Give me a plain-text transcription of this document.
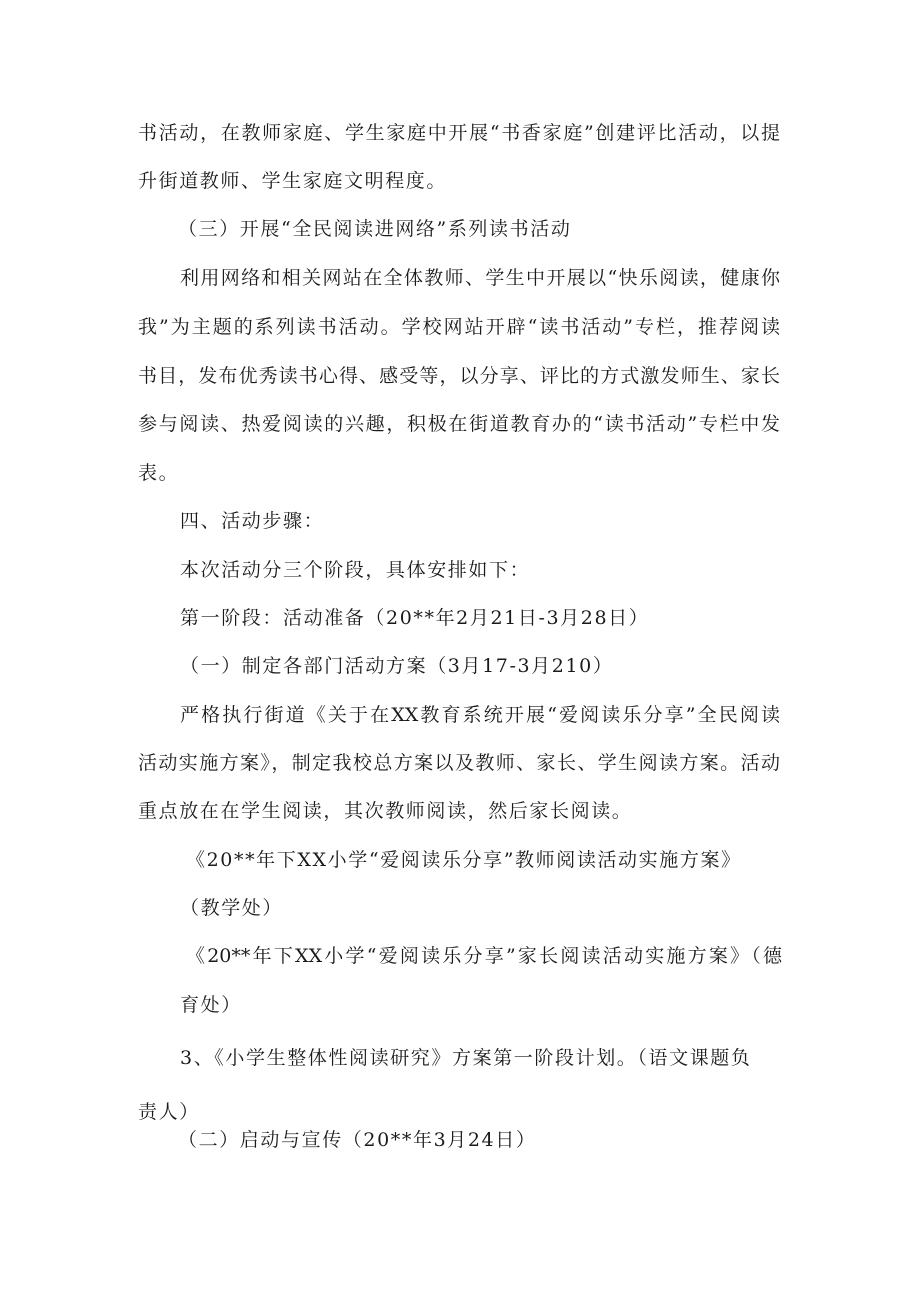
书活动，在教师家庭、学生家庭中开展“书香家庭”创建评比活动，以提
升街道教师、学生家庭文明程度。
（三）开展“全民阅读进网络”系列读书活动
利用网络和相关网站在全体教师、学生中开展以“快乐阅读，健康你
我”为主题的系列读书活动。学校网站开辟“读书活动”专栏，推荐阅读
书目，发布优秀读书心得、感受等，以分享、评比的方式激发师生、家长
参与阅读、热爱阅读的兴趣，积极在街道教育办的“读书活动”专栏中发
表。
四、活动步骤：
本次活动分三个阶段，具体安排如下：
第一阶段：活动准备（20**年2月21日-3月28日）
（一）制定各部门活动方案（3月17-3月210）
严格执行街道《关于在XX教育系统开展“爱阅读乐分享”全民阅读
活动实施方案》，制定我校总方案以及教师、家长、学生阅读方案。活动
重点放在在学生阅读，其次教师阅读，然后家长阅读。
《20**年下XX小学“爱阅读乐分享”教师阅读活动实施方案》
（教学处）
《20**年下XX小学“爱阅读乐分享”家长阅读活动实施方案》（德
育处）
3、《小学生整体性阅读研究》方案第一阶段计划。（语文课题负
责人）
（二）启动与宣传（20**年3月24日）
